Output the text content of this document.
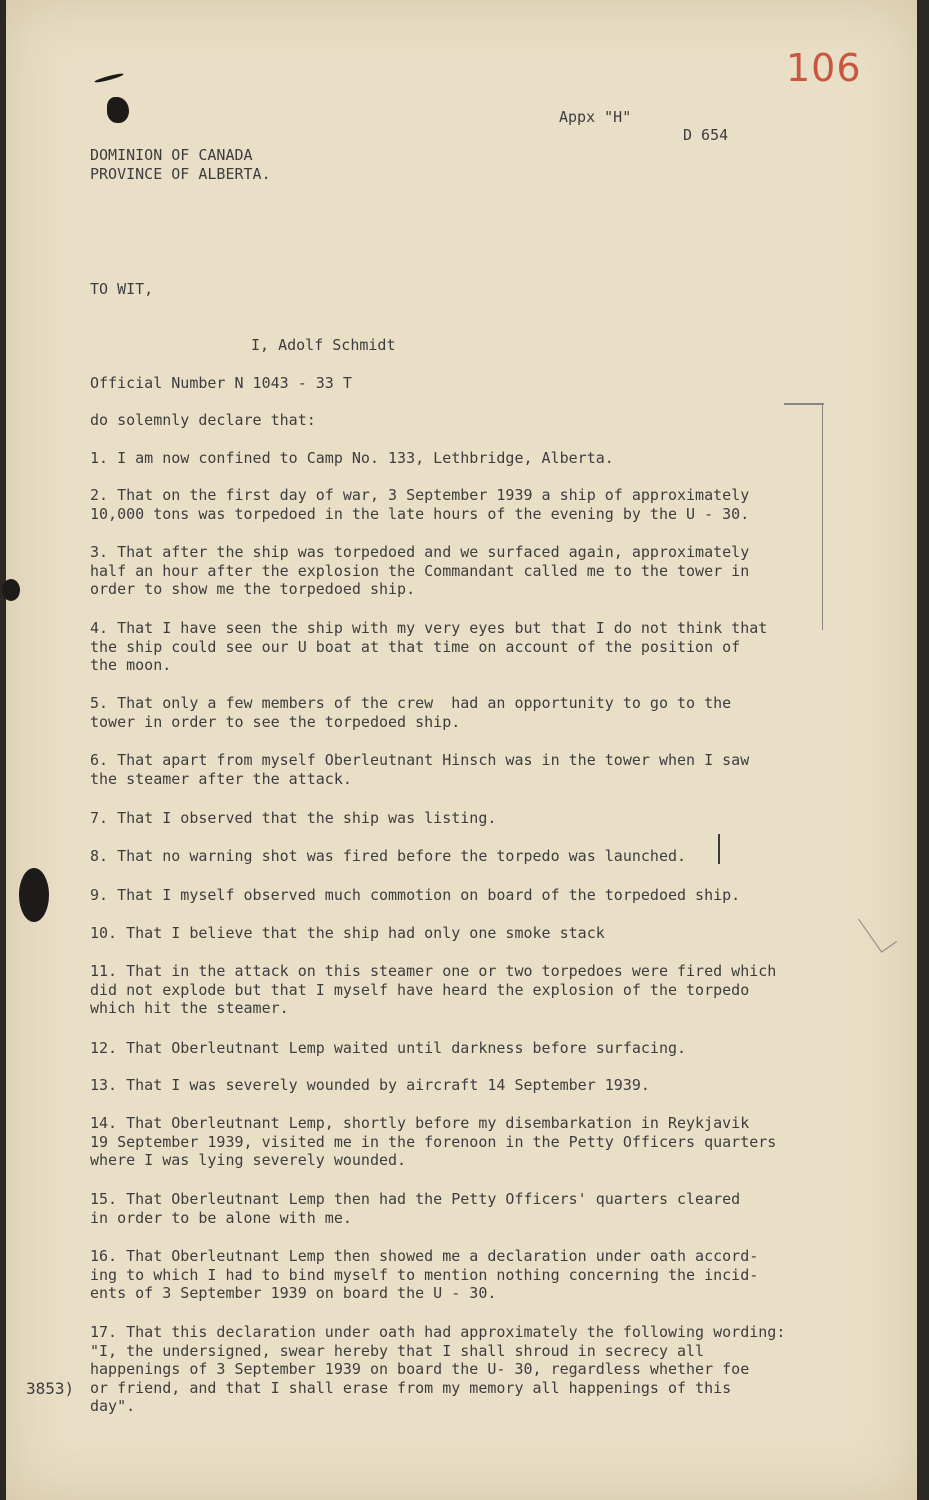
106
Appx "H"
D 654
DOMINION OF CANADA
PROVINCE OF ALBERTA.
TO WIT,
I, Adolf Schmidt
Official Number N 1043 - 33 T
do solemnly declare that:
1. I am now confined to Camp No. 133, Lethbridge, Alberta.
2. That on the first day of war, 3 September 1939 a ship of approximately
10,000 tons was torpedoed in the late hours of the evening by the U - 30.
3. That after the ship was torpedoed and we surfaced again, approximately
half an hour after the explosion the Commandant called me to the tower in
order to show me the torpedoed ship.
4. That I have seen the ship with my very eyes but that I do not think that
the ship could see our U boat at that time on account of the position of
the moon.
5. That only a few members of the crew  had an opportunity to go to the
tower in order to see the torpedoed ship.
6. That apart from myself Oberleutnant Hinsch was in the tower when I saw
the steamer after the attack.
7. That I observed that the ship was listing.
8. That no warning shot was fired before the torpedo was launched.
9. That I myself observed much commotion on board of the torpedoed ship.
10. That I believe that the ship had only one smoke stack
11. That in the attack on this steamer one or two torpedoes were fired which
did not explode but that I myself have heard the explosion of the torpedo
which hit the steamer.
12. That Oberleutnant Lemp waited until darkness before surfacing.
13. That I was severely wounded by aircraft 14 September 1939.
14. That Oberleutnant Lemp, shortly before my disembarkation in Reykjavik
19 September 1939, visited me in the forenoon in the Petty Officers quarters
where I was lying severely wounded.
15. That Oberleutnant Lemp then had the Petty Officers' quarters cleared
in order to be alone with me.
16. That Oberleutnant Lemp then showed me a declaration under oath accord-
ing to which I had to bind myself to mention nothing concerning the incid-
ents of 3 September 1939 on board the U - 30.
17. That this declaration under oath had approximately the following wording:
"I, the undersigned, swear hereby that I shall shroud in secrecy all
happenings of 3 September 1939 on board the U- 30, regardless whether foe
or friend, and that I shall erase from my memory all happenings of this
day".
3853)
